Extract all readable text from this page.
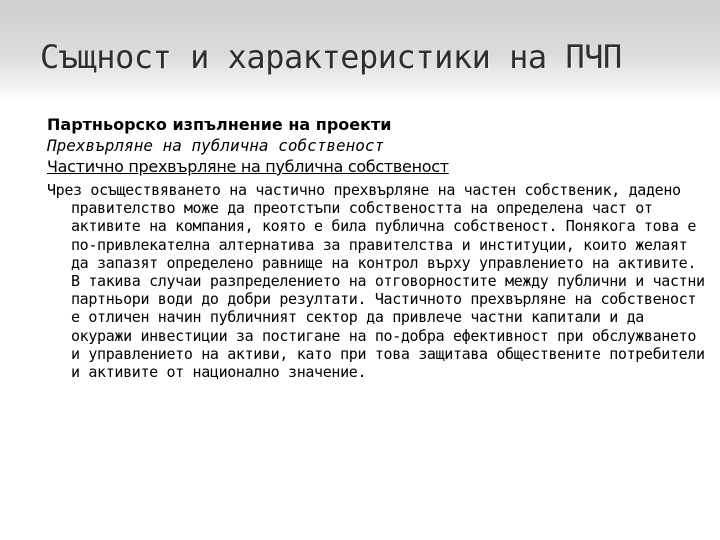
Същност и характеристики на ПЧП

Партньорско изпълнение на проекти

Прехвърляне на публична собственост

Частично прехвърляне на публична собственост

Чрез осъществяването на частично прехвърляне на частен собственик, дадено правителство може да преотстъпи собствеността на определена част от активите на компания, която е била публична собственост. Понякога това е по-привлекателна алтернатива за правителства и институции, които желаят да запазят определено равнище на контрол върху управлението на активите. В такива случаи разпределението на отговорностите между публични и частни партньори води до добри резултати. Частичното прехвърляне на собственост е отличен начин публичният сектор да привлече частни капитали и да окуражи инвестиции за постигане на по-добра ефективност при обслужването и управлението на активи, като при това защитава обществените потребители и активите от национално значение.
